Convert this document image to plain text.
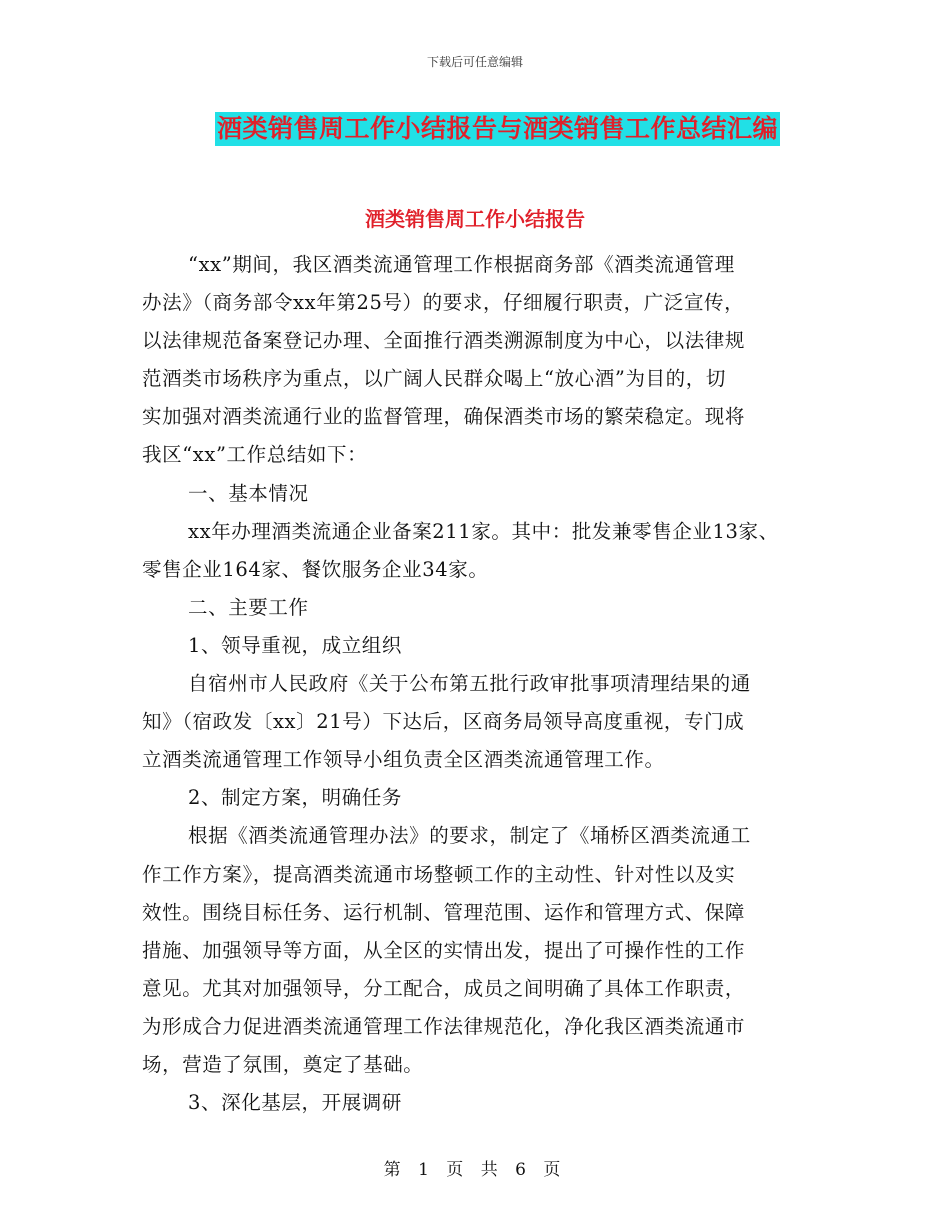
下载后可任意编辑
酒类销售周工作小结报告与酒类销售工作总结汇编
酒类销售周工作小结报告
“xx”期间，我区酒类流通管理工作根据商务部《酒类流通管理
办法》（商务部令xx年第25号）的要求，仔细履行职责，广泛宣传，
以法律规范备案登记办理、全面推行酒类溯源制度为中心，以法律规
范酒类市场秩序为重点，以广阔人民群众喝上“放心酒”为目的，切
实加强对酒类流通行业的监督管理，确保酒类市场的繁荣稳定。现将
我区“xx”工作总结如下：
一、基本情况
xx年办理酒类流通企业备案211家。其中：批发兼零售企业13家、
零售企业164家、餐饮服务企业34家。
二、主要工作
1、领导重视，成立组织
自宿州市人民政府《关于公布第五批行政审批事项清理结果的通
知》（宿政发〔xx〕21号）下达后，区商务局领导高度重视，专门成
立酒类流通管理工作领导小组负责全区酒类流通管理工作。
2、制定方案，明确任务
根据《酒类流通管理办法》的要求，制定了《埇桥区酒类流通工
作工作方案》，提高酒类流通市场整顿工作的主动性、针对性以及实
效性。围绕目标任务、运行机制、管理范围、运作和管理方式、保障
措施、加强领导等方面，从全区的实情出发，提出了可操作性的工作
意见。尤其对加强领导，分工配合，成员之间明确了具体工作职责，
为形成合力促进酒类流通管理工作法律规范化，净化我区酒类流通市
场，营造了氛围，奠定了基础。
3、深化基层，开展调研
第 1 页 共 6 页
